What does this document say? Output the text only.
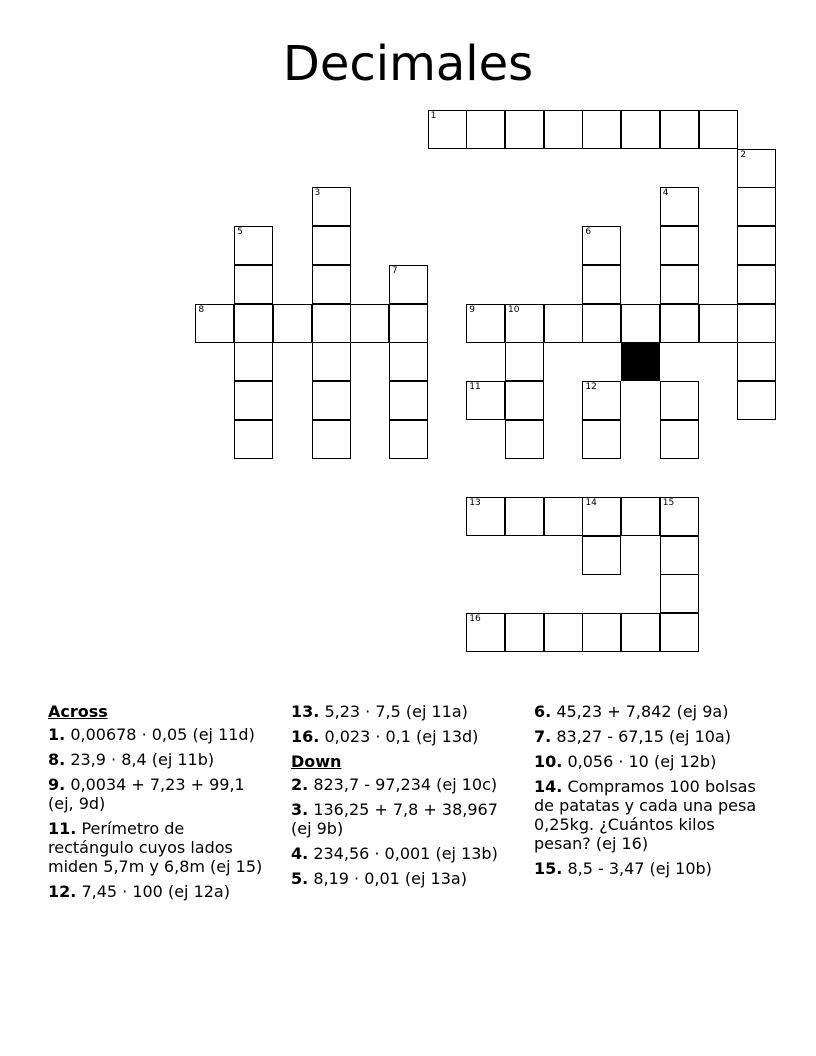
Decimales
1
2
3	4
5	6
12
7
8	9	10
11
13	14	15
16
Across
1. 0,00678 · 0,05 (ej 11d)
8. 23,9 · 8,4 (ej 11b)
9. 0,0034 + 7,23 + 99,1 (ej, 9d)
11. Perímetro de rectángulo cuyos lados miden 5,7m y 6,8m (ej 15)
12. 7,45 · 100 (ej 12a)
13. 5,23 · 7,5 (ej 11a)
16. 0,023 · 0,1 (ej 13d)
Down
2. 823,7 - 97,234 (ej 10c)
3. 136,25 + 7,8 + 38,967 (ej 9b)
4. 234,56 · 0,001 (ej 13b)
5. 8,19 · 0,01 (ej 13a)
6. 45,23 + 7,842 (ej 9a)
7. 83,27 - 67,15 (ej 10a)
10. 0,056 · 10 (ej 12b)
14. Compramos 100 bolsas de patatas y cada una pesa 0,25kg. ¿Cuántos kilos pesan? (ej 16)
15. 8,5 - 3,47 (ej 10b)
